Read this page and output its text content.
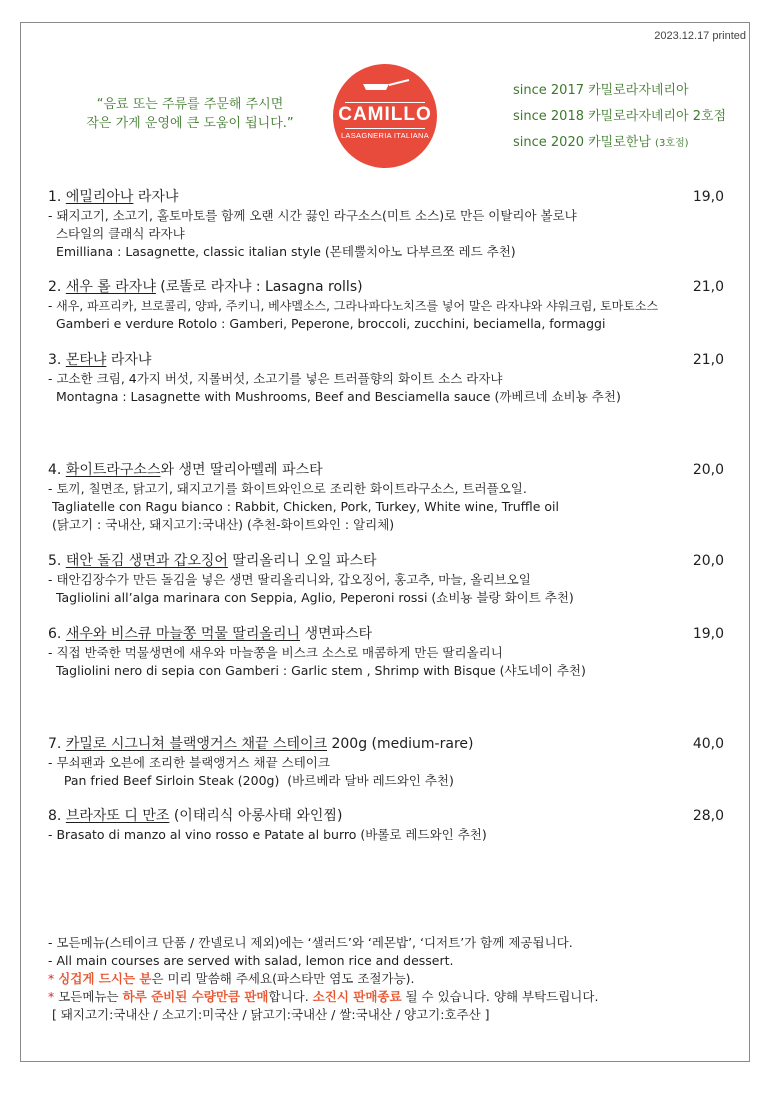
2023.12.17 printed
“음료 또는 주류를 주문해 주시면
작은 가게 운영에 큰 도움이 됩니다.”	CAMILLO
LASAGNERIA ITALIANA
since 2017 카밀로라자녜리아
since 2018 카밀로라자녜리아 2호점
since 2020 카밀로한남 (3호점)
1. 에밀리아나 라자냐	19,0
- 돼지고기, 소고기, 홀토마토를 함께 오랜 시간 끓인 라구소스(미트 소스)로 만든 이탈리아 볼로냐
스타일의 클래식 라자냐
Emilliana : Lasagnette, classic italian style (몬테뿔치아노 다부르쪼 레드 추천)
2. 새우 롤 라자냐 (로똘로 라자냐 : Lasagna rolls)	21,0
- 새우, 파프리카, 브로콜리, 양파, 주키니, 베샤멜소스, 그라나파다노치즈를 넣어 말은 라자냐와 샤워크림, 토마토소스
Gamberi e verdure Rotolo : Gamberi, Peperone, broccoli, zucchini, beciamella, formaggi
3. 몬타냐 라자냐	21,0
- 고소한 크림, 4가지 버섯, 지롤버섯, 소고기를 넣은 트러플향의 화이트 소스 라자냐
Montagna : Lasagnette with Mushrooms, Beef and Besciamella sauce (까베르네 쇼비뇽 추천)
4. 화이트라구소스와 생면 딸리아뗄레 파스타	20,0
- 토끼, 칠면조, 닭고기, 돼지고기를 화이트와인으로 조리한 화이트라구소스, 트러플오일.
Tagliatelle con Ragu bianco : Rabbit, Chicken, Pork, Turkey, White wine, Truffle oil
(닭고기 : 국내산, 돼지고기:국내산) (추천-화이트와인 : 알리체)
5. 태안 돌김 생면과 갑오징어 딸리올리니 오일 파스타	20,0
- 태안김장수가 만든 돌김을 넣은 생면 딸리올리니와, 갑오징어, 홍고추, 마늘, 올리브오일
Tagliolini all’alga marinara con Seppia, Aglio, Peperoni rossi (쇼비뇽 블랑 화이트 추천)
6. 새우와 비스큐 마늘쫑 먹물 딸리올리니 생면파스타	19,0
- 직접 반죽한 먹물생면에 새우와 마늘쫑을 비스크 소스로 매콤하게 만든 딸리올리니
Tagliolini nero di sepia con Gamberi : Garlic stem , Shrimp with Bisque (샤도네이 추천)
7. 카밀로 시그니쳐 블랙앵거스 채끝 스테이크 200g (medium-rare)	40,0
- 무쇠팬과 오븐에 조리한 블랙앵거스 채끝 스테이크
Pan fried Beef Sirloin Steak (200g)  (바르베라 달바 레드와인 추천)
8. 브라자또 디 만조 (이태리식 아롱사태 와인찜)	28,0
- Brasato di manzo al vino rosso e Patate al burro (바롤로 레드와인 추천)
- 모든메뉴(스테이크 단품 / 깐넬로니 제외)에는 ‘샐러드’와 ‘레몬밥’, ‘디저트’가 함께 제공됩니다.
- All main courses are served with salad, lemon rice and dessert.
* 싱겁게 드시는 분은 미리 말씀해 주세요(파스타만 염도 조절가능).
* 모든메뉴는 하루 준비된 수량만큼 판매합니다. 소진시 판매종료 될 수 있습니다. 양해 부탁드립니다.
[ 돼지고기:국내산 / 소고기:미국산 / 닭고기:국내산 / 쌀:국내산 / 양고기:호주산 ]
